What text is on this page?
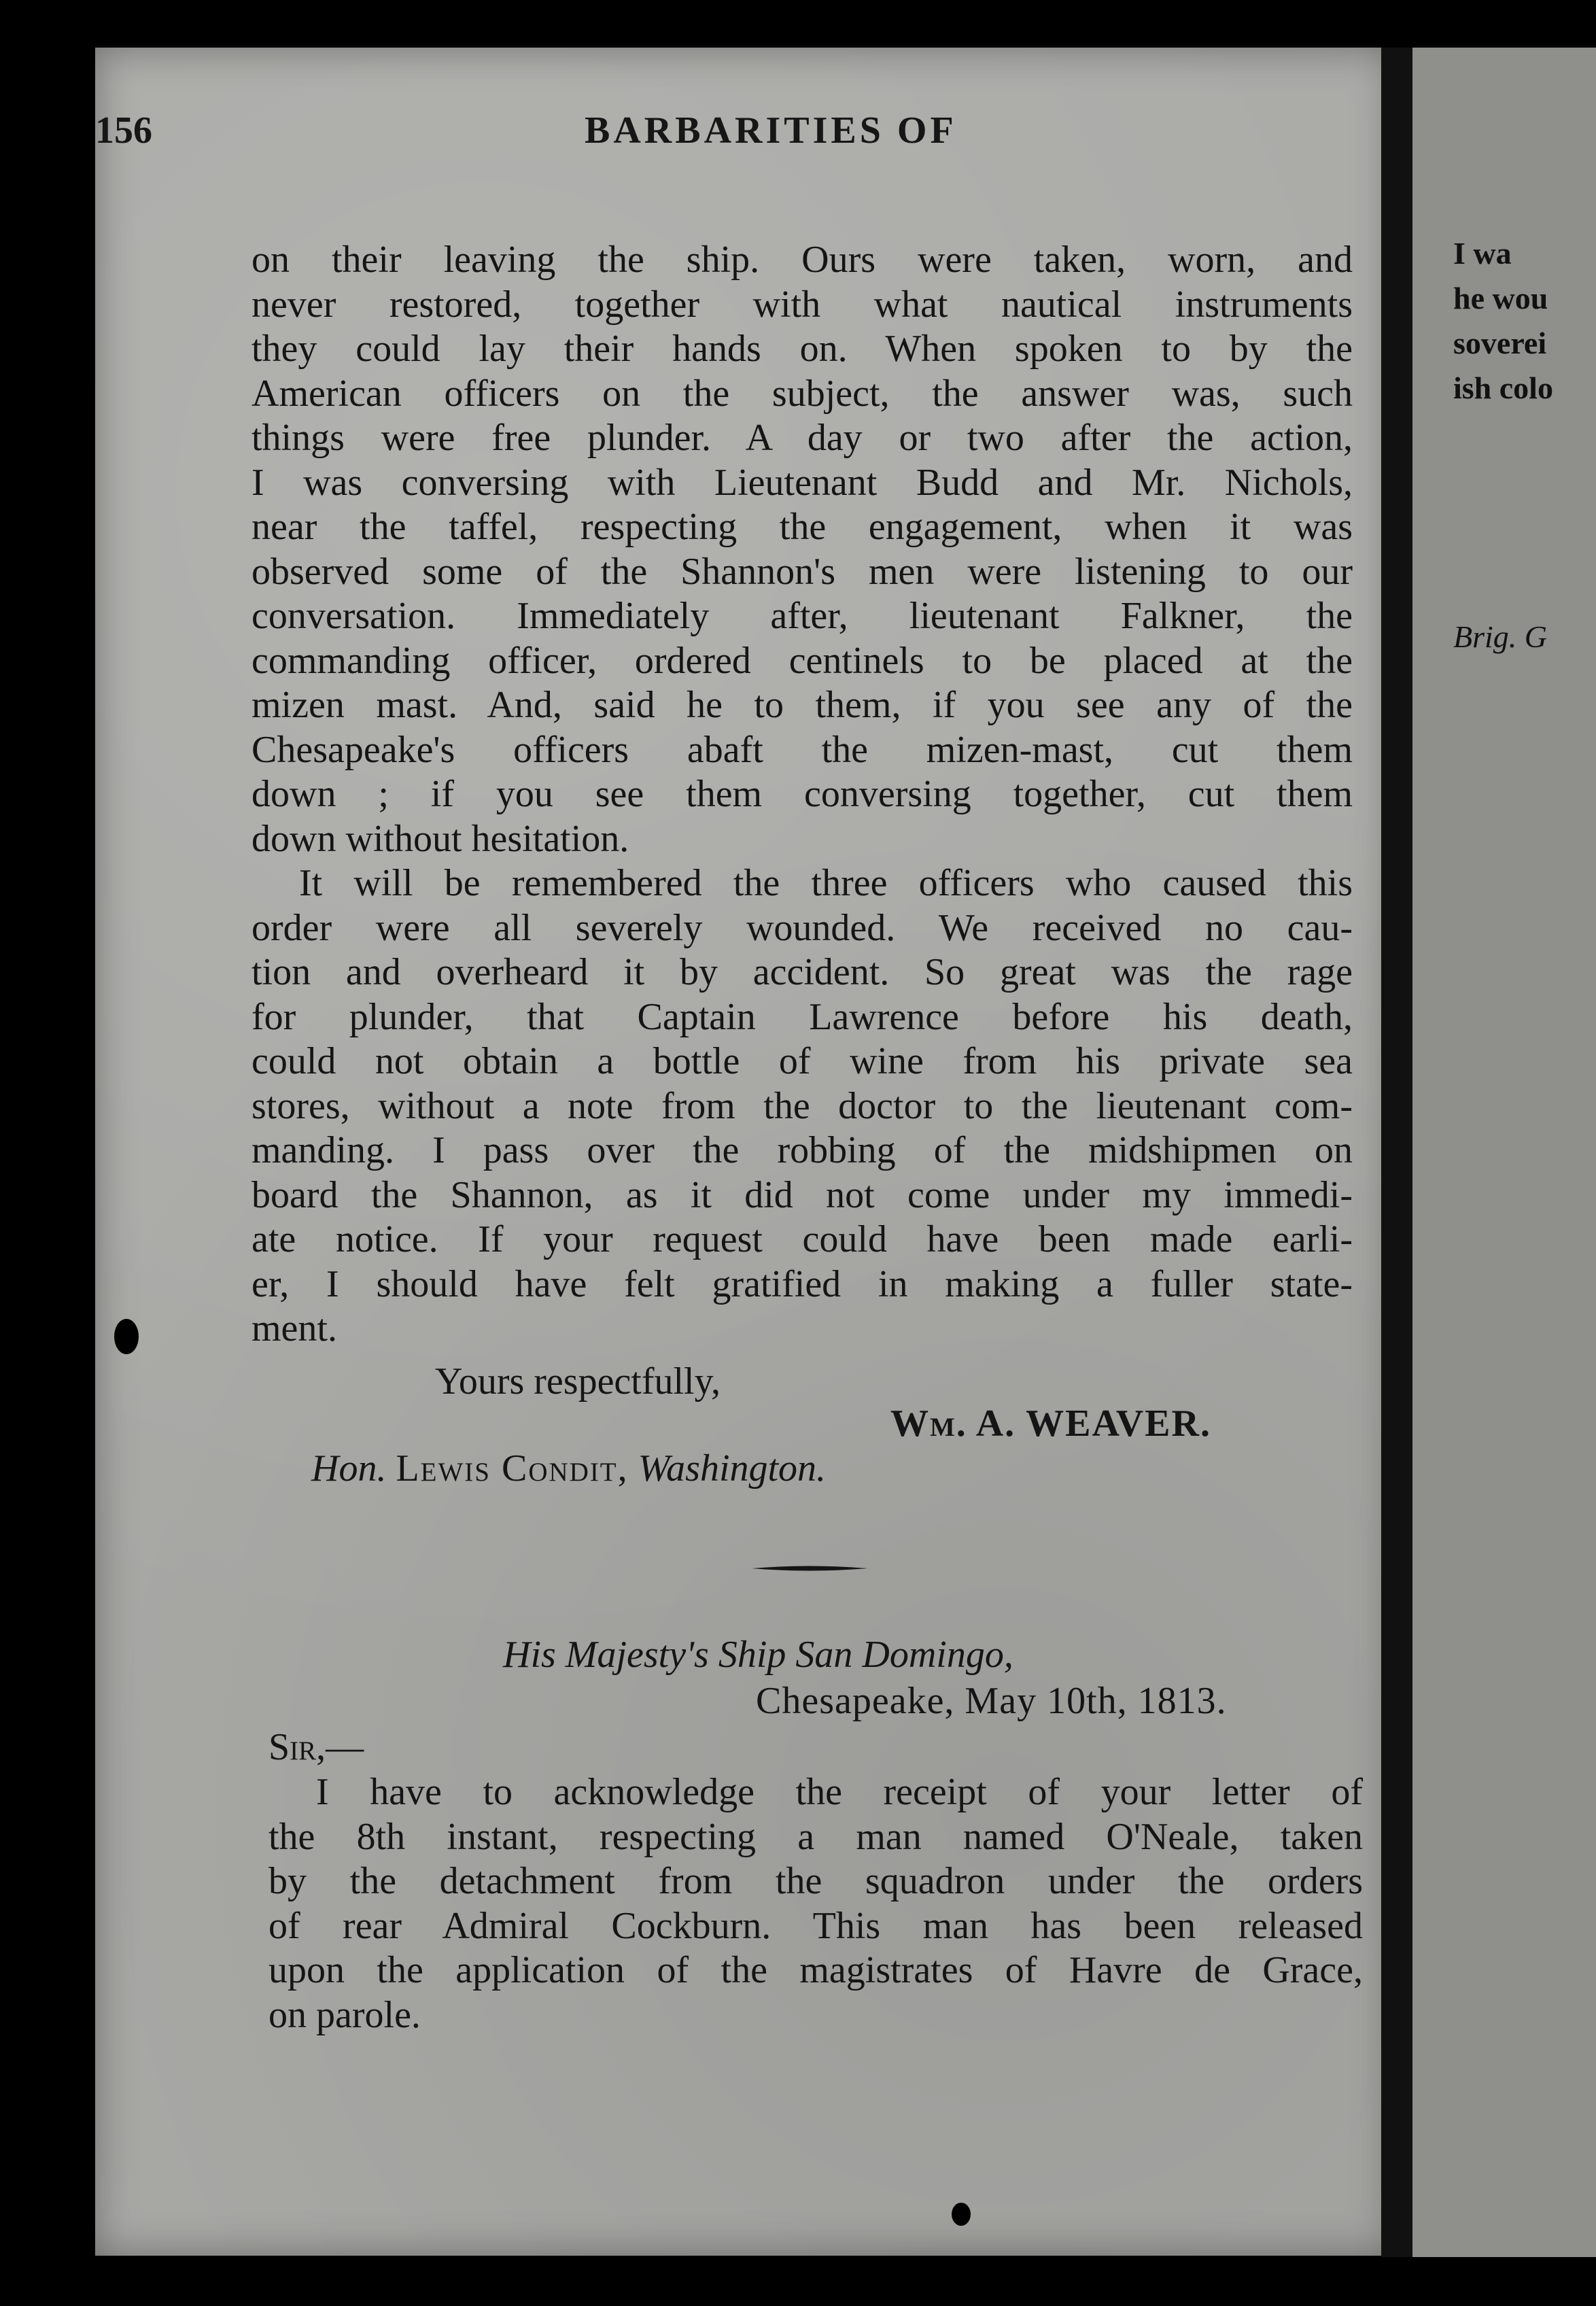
I wa
he wou
soverei
ish colo
Brig. G
156	BARBARITIES OF
on their leaving the ship. Ours were taken, worn, and
never restored, together with what nautical instruments
they could lay their hands on. When spoken to by the
American officers on the subject, the answer was, such
things were free plunder. A day or two after the action,
I was conversing with Lieutenant Budd and Mr. Nichols,
near the taffel, respecting the engagement, when it was
observed some of the Shannon's men were listening to our
conversation. Immediately after, lieutenant Falkner, the
commanding officer, ordered centinels to be placed at the
mizen mast. And, said he to them, if you see any of the
Chesapeake's officers abaft the mizen-mast, cut them
down ; if you see them conversing together, cut them
down without hesitation.
It will be remembered the three officers who caused this
order were all severely wounded. We received no cau-
tion and overheard it by accident. So great was the rage
for plunder, that Captain Lawrence before his death,
could not obtain a bottle of wine from his private sea
stores, without a note from the doctor to the lieutenant com-
manding. I pass over the robbing of the midshipmen on
board the Shannon, as it did not come under my immedi-
ate notice. If your request could have been made earli-
er, I should have felt gratified in making a fuller state-
ment.
Yours respectfully,
Wm. A. WEAVER.
Hon. Lewis Condit, Washington.
His Majesty's Ship San Domingo,
Chesapeake, May 10th, 1813.
Sir,—
I have to acknowledge the receipt of your letter of
the 8th instant, respecting a man named O'Neale, taken
by the detachment from the squadron under the orders
of rear Admiral Cockburn. This man has been released
upon the application of the magistrates of Havre de Grace,
on parole.
